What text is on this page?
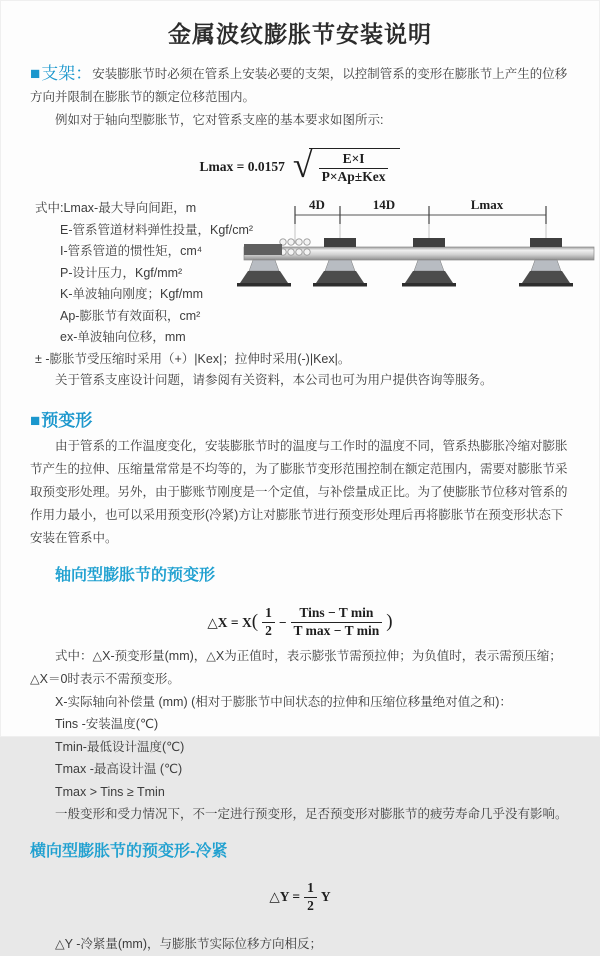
金属波纹膨胀节安装说明

■支架：安装膨胀节时必须在管系上安装必要的支架，以控制管系的变形在膨胀节上产生的位移方向并限制在膨胀节的额定位移范围内。

例如对于轴向型膨胀节，它对管系支座的基本要求如图所示:

Lmax = 0.0157 √ $\frac{E\times I}{\text{P×Ap±Kex}}$

式中:Lmax-最大导向间距，m

E-管系管道材料弹性投量，Kgf/cm²

I-管系管道的惯性矩，cm⁴

P-设计压力，Kgf/mm²

K-单波轴向刚度；Kgf/mm

Ap-膨胀节有效面积，cm²

ex-单波轴向位移，mm

± -膨胀节受压缩时采用（+）|Kex|；拉伸时采用(-)|Kex|。

关于管系支座设计问题，请参阅有关资料，本公司也可为用户提供咨询等服务。

4D	14D	Lmax
■预变形

由于管系的工作温度变化，安装膨胀节时的温度与工作时的温度不同，管系热膨胀冷缩对膨胀节产生的拉伸、压缩量常常是不均等的，为了膨胀节变形范围控制在额定范围内，需要对膨胀节采取预变形处理。另外，由于膨账节刚度是一个定值，与补偿量成正比。为了使膨胀节位移对管系的作用力最小，也可以采用预变形(冷紧)方让对膨胀节进行预变形处理后再将膨胀节在预变形状态下安装在管系中。

轴向型膨胀节的预变形
△X = X ( $\frac{1}{2} - \frac{\text{Tins − T min}}{\text{T max − T min}}$ )

式中：△X-预变形量(mm)，△X为正值时，表示膨张节需预拉伸；为负值时，表示需预压缩；△X＝0时表示不需预变形。

X-实际轴向补偿量 (mm) (相对于膨胀节中间状态的拉伸和压缩位移量绝对值之和)：

Tins -安装温度(℃)

Tmin-最低设计温度(℃)

Tmax -最高设计温 (℃)

Tmax > Tins ≥ Tmin

一般变形和受力情况下，不一定进行预变形，足否预变形对膨胀节的疲劳寿命几乎没有影响。

横向型膨胀节的预变形-冷紧
△Y = $\frac{1}{2}$ Y

△Y -冷紧量(mm)，与膨胀节实际位移方向相反；
